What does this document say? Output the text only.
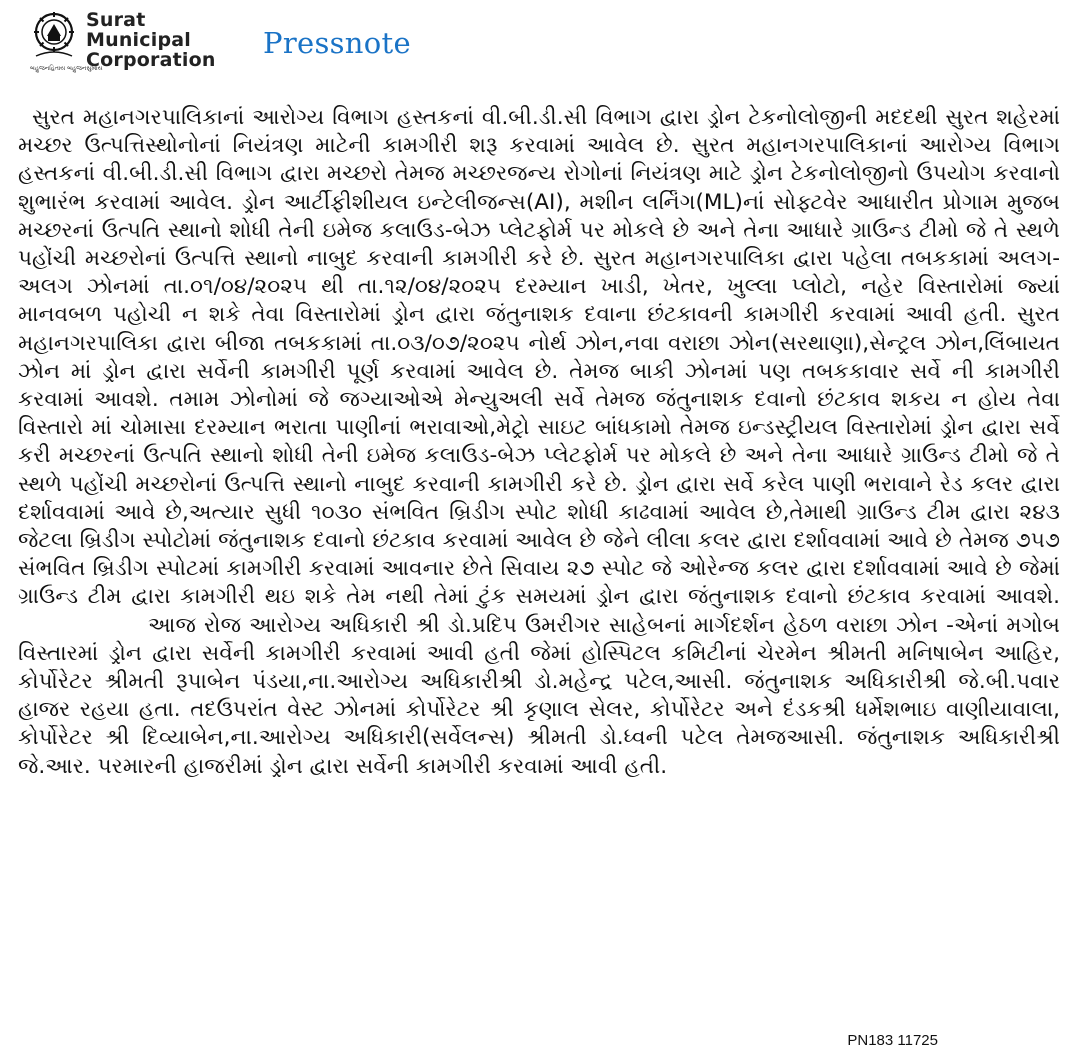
Surat
Municipal
Corporation
બહુજનહિતાય બહુજનસુખાય
Pressnote

સુરત મહાનગરપાલિકાનાં આરોગ્ય વિભાગ હસ્તકનાં વી.બી.ડી.સી વિભાગ દ્વારા ડ્રોન ટેકનોલોજીની મદદથી સુરત શહેરમાં મચ્છર ઉત્પત્તિસ્થોનોનાં નિયંત્રણ માટેની કામગીરી શરૂ કરવામાં આવેલ છે. સુરત મહાનગરપાલિકાનાં આરોગ્ય વિભાગ હસ્તકનાં વી.બી.ડી.સી વિભાગ દ્વારા મચ્છરો તેમજ મચ્છરજન્ય રોગોનાં નિયંત્રણ માટે ડ્રોન ટેકનોલોજીનો ઉપયોગ કરવાનો શુભારંભ કરવામાં આવેલ. ડ્રોન આર્ટીફીશીયલ ઇન્ટેલીજન્સ(AI), મશીન લર્નિંગ(ML)નાં સોફ્ટવેર આધારીત પ્રોગામ મુજબ મચ્છરનાં ઉત્પતિ સ્થાનો શોધી તેની ઇમેજ કલાઉડ-બેઝ પ્લેટફોર્મ પર મોકલે છે અને તેના આધારે ગ્રાઉન્ડ ટીમો જે તે સ્થળે પહોંચી મચ્છરોનાં ઉત્પત્તિ સ્થાનો નાબુદ કરવાની કામગીરી કરે છે. સુરત મહાનગરપાલિકા દ્વારા પહેલા તબકકામાં અલગ-અલગ ઝોનમાં તા.૦૧/૦૪/૨૦૨૫ થી તા.૧૨/૦૪/૨૦૨૫ દરમ્યાન ખાડી, ખેતર, ખુલ્લા પ્લોટો, નહેર વિસ્તારોમાં જ્યાં માનવબળ પહોચી ન શકે તેવા વિસ્તારોમાં ડ્રોન દ્વારા જંતુનાશક દવાના છંટકાવની કામગીરી કરવામાં આવી હતી. સુરત મહાનગરપાલિકા દ્વારા બીજા તબકકામાં તા.૦૩/૦૭/૨૦૨૫ નોર્થ ઝોન,નવા વરાછા ઝોન(સરથાણા),સેન્ટ્રલ ઝોન,લિંબાયત ઝોન માં ડ્રોન દ્વારા સર્વેની કામગીરી પૂર્ણ કરવામાં આવેલ છે. તેમજ બાકી ઝોનમાં પણ તબકકાવાર સર્વે ની કામગીરી કરવામાં આવશે. તમામ ઝોનોમાં જે જગ્યાઓએ મેન્યુઅલી સર્વે તેમજ જંતુનાશક દવાનો છંટકાવ શકય ન હોય તેવા વિસ્તારો માં ચોમાસા દરમ્યાન ભરાતા પાણીનાં ભરાવાઓ,મેટ્રો સાઇટ બાંધકામો તેમજ ઇન્ડસ્ટ્રીયલ વિસ્તારોમાં ડ્રોન દ્વારા સર્વે કરી મચ્છરનાં ઉત્પતિ સ્થાનો શોધી તેની ઇમેજ કલાઉડ-બેઝ પ્લેટફોર્મ પર મોકલે છે અને તેના આધારે ગ્રાઉન્ડ ટીમો જે તે સ્થળે પહોંચી મચ્છરોનાં ઉત્પત્તિ સ્થાનો નાબુદ કરવાની કામગીરી કરે છે. ડ્રોન દ્વારા સર્વે કરેલ પાણી ભરાવાને રેડ કલર દ્વારા દર્શાવવામાં આવે છે,અત્યાર સુધી ૧૦૩૦ સંભવિત બ્રિડીગ સ્પોટ શોધી કાઢવામાં આવેલ છે,તેમાથી ગ્રાઉન્ડ ટીમ દ્વારા ૨૪૩ જેટલા બ્રિડીગ સ્પોટોમાં જંતુનાશક દવાનો છંટકાવ કરવામાં આવેલ છે જેને લીલા કલર દ્વારા દર્શાવવામાં આવે છે તેમજ ૭૫૭ સંભવિત બ્રિડીગ સ્પોટમાં કામગીરી કરવામાં આવનાર છેતે સિવાય ૨૭ સ્પોટ જે ઓરેન્જ કલર દ્વારા દર્શાવવામાં આવે છે જેમાં ગ્રાઉન્ડ ટીમ દ્વારા કામગીરી થઇ શકે તેમ નથી તેમાં ટુંક સમયમાં ડ્રોન દ્વારા જંતુનાશક દવાનો છંટકાવ કરવામાં આવશે.આજ રોજ આરોગ્ય અધિકારી શ્રી ડો.પ્રદિપ ઉમરીગર સાહેબનાં માર્ગદર્શન હેઠળ વરાછા ઝોન -એનાં મગોબ વિસ્તારમાં ડ્રોન દ્વારા સર્વેની કામગીરી કરવામાં આવી હતી જેમાં હોસ્પિટલ કમિટીનાં ચેરમેન શ્રીમતી મનિષાબેન આહિર, કોર્પોરેટર શ્રીમતી રૂપાબેન પંડયા,ના.આરોગ્ય અધિકારીશ્રી ડો.મહેન્દ્ર પટેલ,આસી. જંતુનાશક અધિકારીશ્રી જે.બી.પવાર હાજર રહયા હતા. તદઉપરાંત વેસ્ટ ઝોનમાં કોર્પોરેટર શ્રી કૃણાલ સેલર, કોર્પોરેટર અને દંડકશ્રી ધર્મેશભાઇ વાણીયાવાલા, કોર્પોરેટર શ્રી દિવ્યાબેન,ના.આરોગ્ય અધિકારી(સર્વેલન્સ) શ્રીમતી ડો.ધ્વની પટેલ તેમજઆસી. જંતુનાશક અધિકારીશ્રી જે.આર. પરમારની હાજરીમાં ડ્રોન દ્વારા સર્વેની કામગીરી કરવામાં આવી હતી.

PN183 11725
